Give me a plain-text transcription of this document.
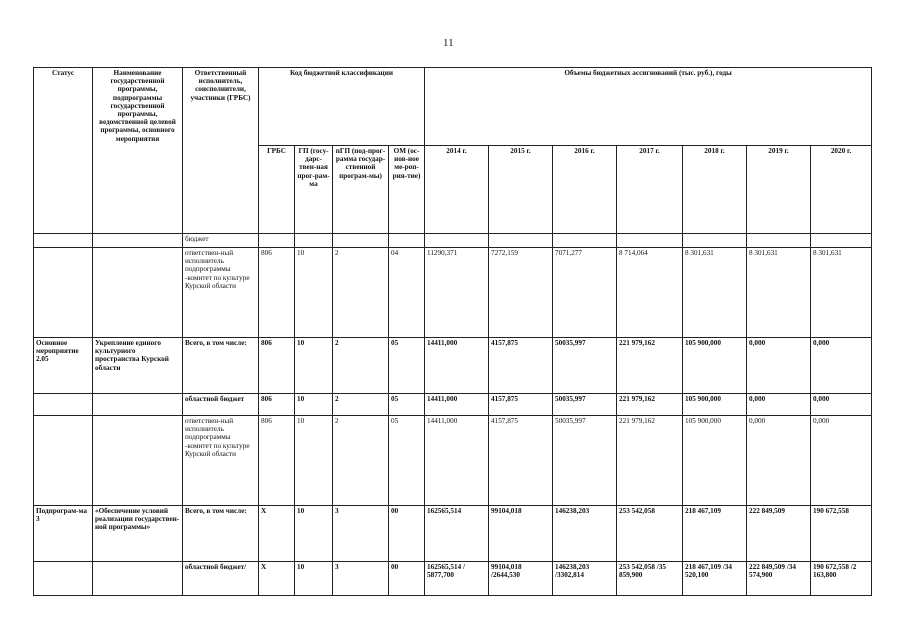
11
Статус	Наименование государственной программы, подпрограммы государственной программы, ведомственной целевой программы, основного мероприятия	Ответственный исполнитель, соисполнители, участники (ГРБС)	Код бюджетной классификации				Объемы бюджетных ассигнований (тыс. руб.), годы						
			ГРБС	ГП (госу-дарс-твен-ная прог-рам-ма	пГП (под-прог-рамма государ-ственной програм-мы)	ОМ (ос-нов-ное ме-роп-рия-тие)	2014 г.	2015 г.	2016 г.	2017 г.	2018 г.	2019 г.	2020 г.
		бюджет											
		ответствен-ный исполнитель подпрограммы -комитет по культуре Курской области	806	10	2	04	11290,371	7272,159	7071,277	8 714,064	8 301,631	8 301,631	8 301,631
Основное мероприятие 2.05	Укрепление единого культурного пространства Курской области	Всего, в том числе:	806	10	2	05	14411,000	4157,875	50035,997	221 979,162	105 900,000	0,000	0,000
		областной бюджет	806	10	2	05	14411,000	4157,875	50035,997	221 979,162	105 900,000	0,000	0,000
		ответствен-ный исполнитель подпрограммы -комитет по культуре Курской области	806	10	2	05	14411,000	4157,875	50035,997	221 979,162	105 900,000	0,000	0,000
Подпрограм-ма 3	«Обеспечение условий реализации государствен-ной программы»	Всего, в том числе:	Х	10	3	00	162565,514	99104,018	146238,203	253 542,058	218 467,109	222 849,509	190 672,558
		областной бюджет/	Х	10	3	00	162565,514 / 5877,700	99104,018 /2644,530	146238,203 /3302,814	253 542,058 /35 859,900	218 467,109 /34 520,100	222 849,509 /34 574,900	190 672,558 /2 163,800
